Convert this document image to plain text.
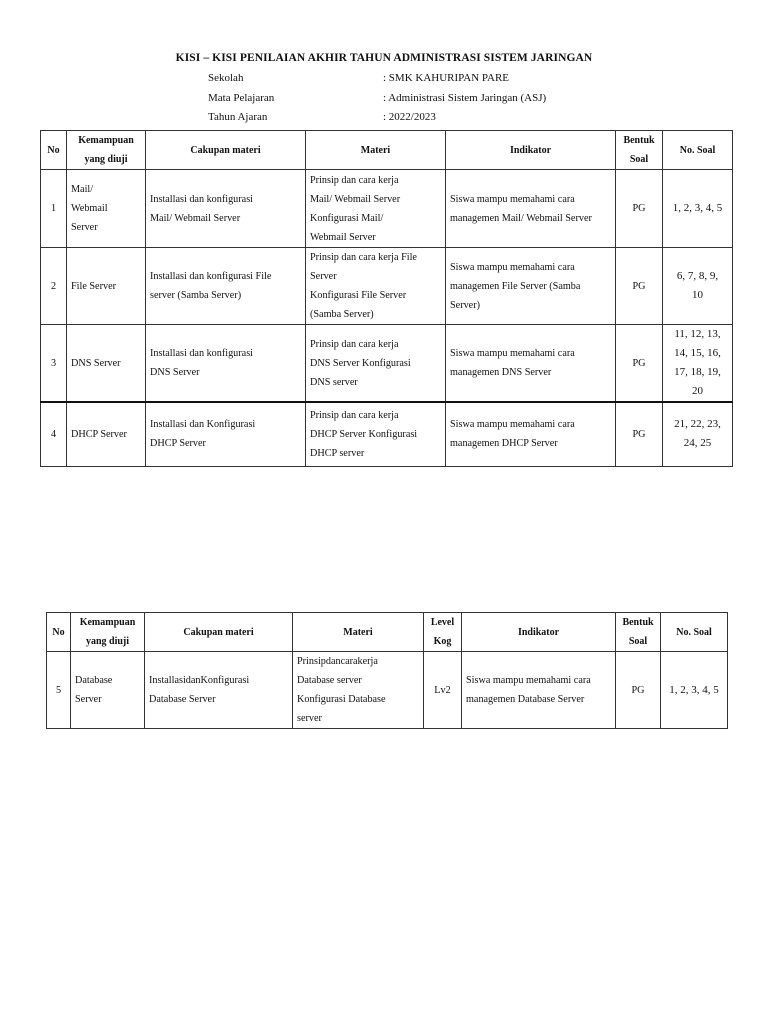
KISI – KISI PENILAIAN AKHIR TAHUN ADMINISTRASI SISTEM JARINGAN
Sekolah	: SMK KAHURIPAN PARE
Mata Pelajaran	: Administrasi Sistem Jaringan (ASJ)
Tahun Ajaran	: 2022/2023
No	Kemampuan
yang diuji	Cakupan materi	Materi	Indikator	Bentuk
Soal	No. Soal
1	Mail/
Webmail
Server	Installasi dan konfigurasi
Mail/ Webmail Server	Prinsip dan cara kerja
Mail/ Webmail Server
Konfigurasi Mail/
Webmail Server	Siswa mampu memahami cara
managemen Mail/ Webmail Server	PG	1, 2, 3, 4, 5
2	File Server	Installasi dan konfigurasi File
server (Samba Server)	Prinsip dan cara kerja File
Server
Konfigurasi File Server
(Samba Server)	Siswa mampu memahami cara
managemen File Server (Samba
Server)	PG	6, 7, 8, 9,
10
3	DNS Server	Installasi dan konfigurasi
DNS Server	Prinsip dan cara kerja
DNS Server Konfigurasi
DNS server	Siswa mampu memahami cara
managemen DNS Server	PG	11, 12, 13,
14, 15, 16,
17, 18, 19,
20
4	DHCP Server	Installasi dan Konfigurasi
DHCP Server	Prinsip dan cara kerja
DHCP Server Konfigurasi
DHCP server	Siswa mampu memahami cara
managemen DHCP Server	PG	21, 22, 23,
24, 25
No	Kemampuan
yang diuji	Cakupan materi	Materi	Level
Kog	Indikator	Bentuk
Soal	No. Soal
5	Database
Server	InstallasidanKonfigurasi
Database Server	Prinsipdancarakerja
Database server
Konfigurasi Database
server	Lv2	Siswa mampu memahami cara
managemen Database Server	PG	1, 2, 3, 4, 5
